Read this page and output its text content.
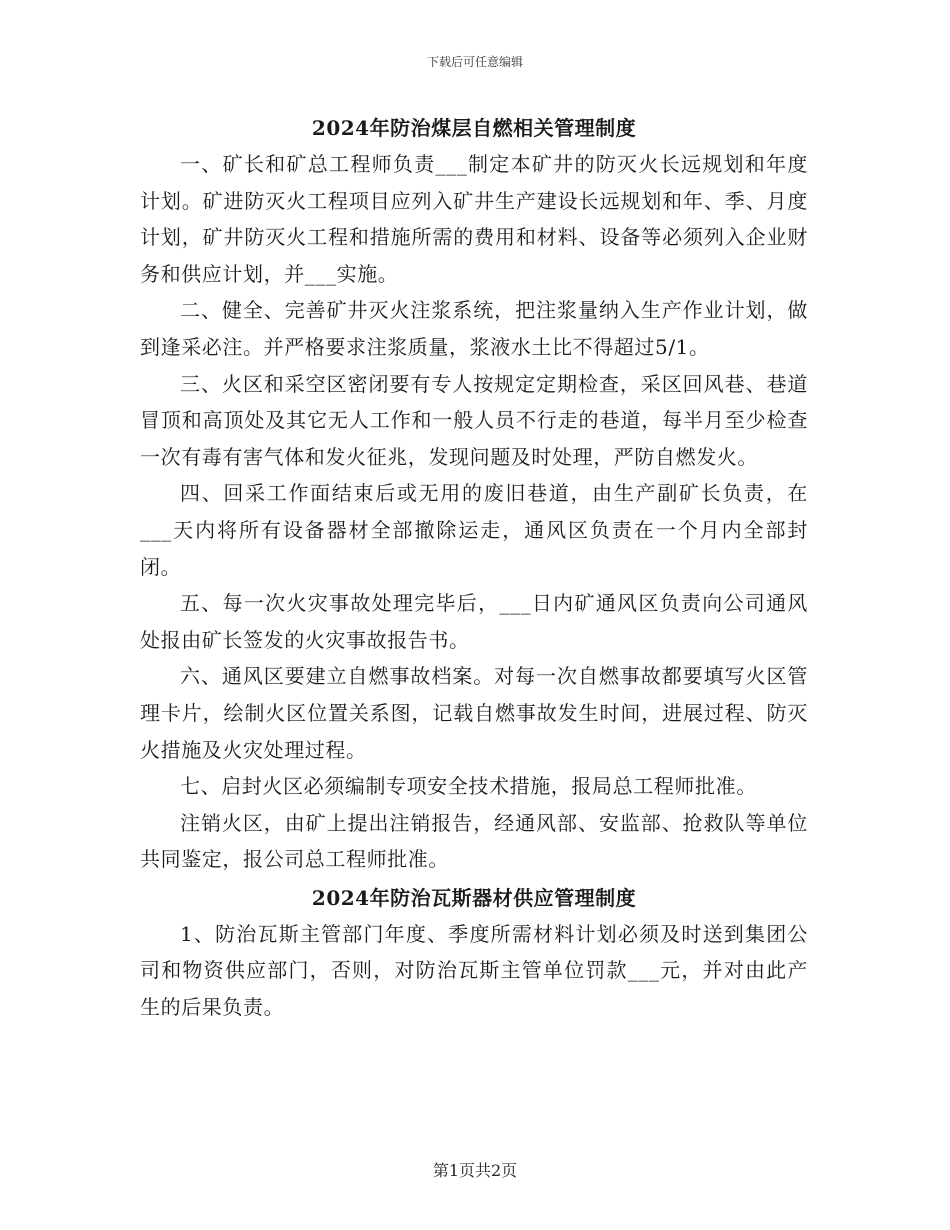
下载后可任意编辑
2024年防治煤层自燃相关管理制度

一、矿长和矿总工程师负责___制定本矿井的防灭火长远规划和年度计划。矿进防灭火工程项目应列入矿井生产建设长远规划和年、季、月度计划，矿井防灭火工程和措施所需的费用和材料、设备等必须列入企业财务和供应计划，并___实施。

二、健全、完善矿井灭火注浆系统，把注浆量纳入生产作业计划，做到逢采必注。并严格要求注浆质量，浆液水土比不得超过5/1。

三、火区和采空区密闭要有专人按规定定期检查，采区回风巷、巷道冒顶和高顶处及其它无人工作和一般人员不行走的巷道，每半月至少检查一次有毒有害气体和发火征兆，发现问题及时处理，严防自燃发火。

四、回采工作面结束后或无用的废旧巷道，由生产副矿长负责，在___天内将所有设备器材全部撤除运走，通风区负责在一个月内全部封闭。

五、每一次火灾事故处理完毕后，___日内矿通风区负责向公司通风处报由矿长签发的火灾事故报告书。

六、通风区要建立自燃事故档案。对每一次自燃事故都要填写火区管理卡片，绘制火区位置关系图，记载自燃事故发生时间，进展过程、防灭火措施及火灾处理过程。

七、启封火区必须编制专项安全技术措施，报局总工程师批准。

注销火区，由矿上提出注销报告，经通风部、安监部、抢救队等单位共同鉴定，报公司总工程师批准。

2024年防治瓦斯器材供应管理制度

1、防治瓦斯主管部门年度、季度所需材料计划必须及时送到集团公司和物资供应部门，否则，对防治瓦斯主管单位罚款___元，并对由此产生的后果负责。

第1页共2页
